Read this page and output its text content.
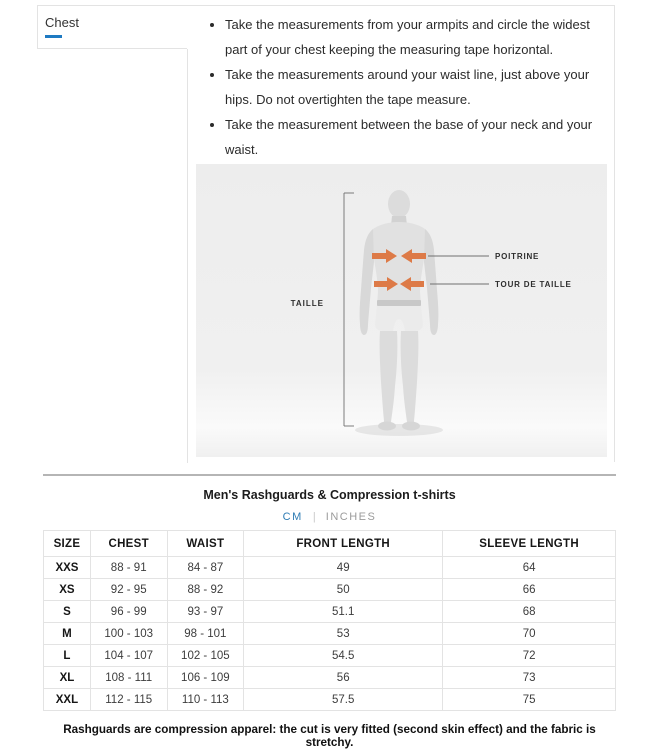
Chest	• Take the measurements from your armpits and circle the widest part of your chest keeping the measuring tape horizontal.
• Take the measurements around your waist line, just above your hips. Do not overtighten the tape measure.
• Take the measurement between the base of your neck and your waist.
•
TAILLE
POITRINE
TOUR DE TAILLE
Men's Rashguards & Compression t-shirts
CM | INCHES
SIZE	CHEST	WAIST	FRONT LENGTH	SLEEVE LENGTH
XXS	88 - 91	84 - 87	49	64
XS	92 - 95	88 - 92	50	66
S	96 - 99	93 - 97	51.1	68
M	100 - 103	98 - 101	53	70
L	104 - 107	102 - 105	54.5	72
XL	108 - 111	106 - 109	56	73
XXL	112 - 115	110 - 113	57.5	75
Rashguards are compression apparel: the cut is very fitted (second skin effect) and the fabric is stretchy.
